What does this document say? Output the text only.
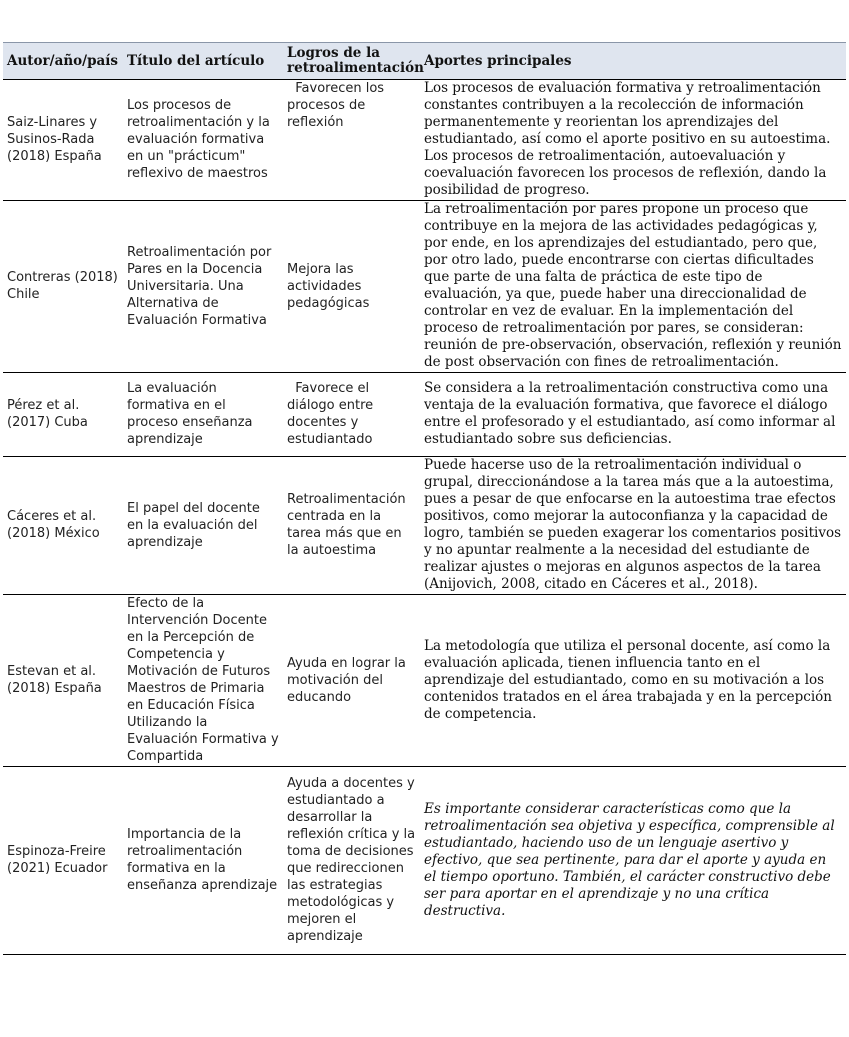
Autor/año/país	Título del artículo	Logros de la retroalimentación	Aportes principales
Saiz-Linares y Susinos-Rada (2018) España	Los procesos de retroalimentación y la evaluación formativa en un "prácticum" reflexivo de maestros	Favorecen los procesos de reflexión	Los procesos de evaluación formativa y retroalimentación constantes contribuyen a la recolección de información permanentemente y reorientan los aprendizajes del estudiantado, así como el aporte positivo en su autoestima. Los procesos de retroalimentación, autoevaluación y coevaluación favorecen los procesos de reflexión, dando la posibilidad de progreso.
Contreras (2018) Chile	Retroalimentación por Pares en la Docencia Universitaria. Una Alternativa de Evaluación Formativa	Mejora las actividades pedagógicas	La retroalimentación por pares propone un proceso que contribuye en la mejora de las actividades pedagógicas y, por ende, en los aprendizajes del estudiantado, pero que, por otro lado, puede encontrarse con ciertas dificultades que parte de una falta de práctica de este tipo de evaluación, ya que, puede haber una direccionalidad de controlar en vez de evaluar. En la implementación del proceso de retroalimentación por pares, se consideran: reunión de pre-observación, observación, reflexión y reunión de post observación con fines de retroalimentación.
Pérez et al. (2017) Cuba	La evaluación formativa en el proceso enseñanza aprendizaje	Favorece el diálogo entre docentes y estudiantado	Se considera a la retroalimentación constructiva como una ventaja de la evaluación formativa, que favorece el diálogo entre el profesorado y el estudiantado, así como informar al estudiantado sobre sus deficiencias.
Cáceres et al. (2018) México	El papel del docente en la evaluación del aprendizaje	Retroalimentación centrada en la tarea más que en la autoestima	Puede hacerse uso de la retroalimentación individual o grupal, direccionándose a la tarea más que a la autoestima, pues a pesar de que enfocarse en la autoestima trae efectos positivos, como mejorar la autoconfianza y la capacidad de logro, también se pueden exagerar los comentarios positivos y no apuntar realmente a la necesidad del estudiante de realizar ajustes o mejoras en algunos aspectos de la tarea (Anijovich, 2008, citado en Cáceres et al., 2018).
Estevan et al. (2018) España	Efecto de la Intervención Docente en la Percepción de Competencia y Motivación de Futuros Maestros de Primaria en Educación Física Utilizando la Evaluación Formativa y Compartida	Ayuda en lograr la motivación del educando	La metodología que utiliza el personal docente, así como la evaluación aplicada, tienen influencia tanto en el aprendizaje del estudiantado, como en su motivación a los contenidos tratados en el área trabajada y en la percepción de competencia.
Espinoza-Freire (2021) Ecuador	Importancia de la retroalimentación formativa en la enseñanza aprendizaje	Ayuda a docentes y estudiantado a desarrollar la reflexión crítica y la toma de decisiones que redireccionen las estrategias metodológicas y mejoren el aprendizaje	Es importante considerar características como que la retroalimentación sea objetiva y específica, comprensible al estudiantado, haciendo uso de un lenguaje asertivo y efectivo, que sea pertinente, para dar el aporte y ayuda en el tiempo oportuno. También, el carácter constructivo debe ser para aportar en el aprendizaje y no una crítica destructiva.
